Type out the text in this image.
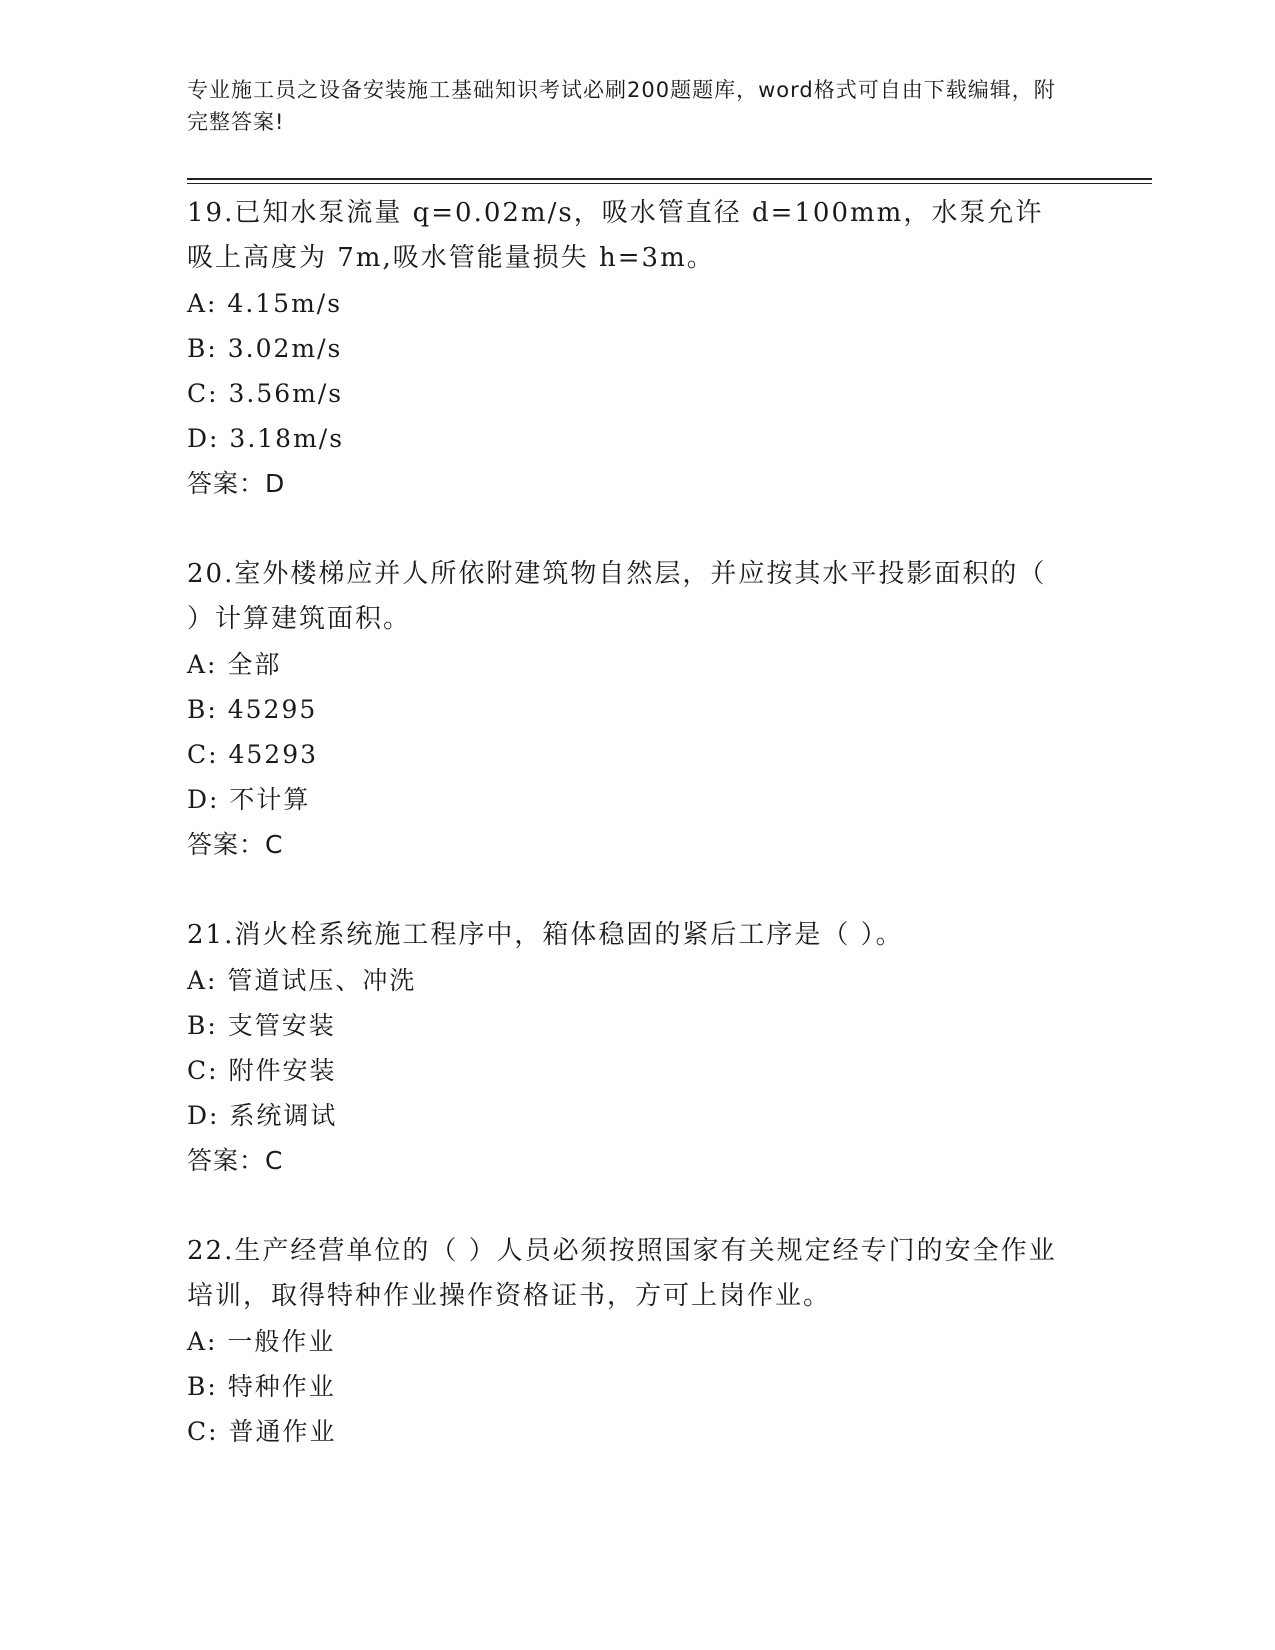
专业施工员之设备安装施工基础知识考试必刷200题题库，word格式可自由下载编辑，附完整答案!
19.已知水泵流量 q=0.02m/s，吸水管直径 d=100mm，水泵允许吸上高度为 7m,吸水管能量损失 h=3m。
A: 4.15m/s
B: 3.02m/s
C: 3.56m/s
D: 3.18m/s
答案：D
20.室外楼梯应并人所依附建筑物自然层，并应按其水平投影面积的（ ）计算建筑面积。
A: 全部
B: 45295
C: 45293
D: 不计算
答案：C
21.消火栓系统施工程序中，箱体稳固的紧后工序是（ ）。
A: 管道试压、冲洗
B: 支管安装
C: 附件安装
D: 系统调试
答案：C
22.生产经营单位的（ ）人员必须按照国家有关规定经专门的安全作业培训，取得特种作业操作资格证书，方可上岗作业。
A: 一般作业
B: 特种作业
C: 普通作业
